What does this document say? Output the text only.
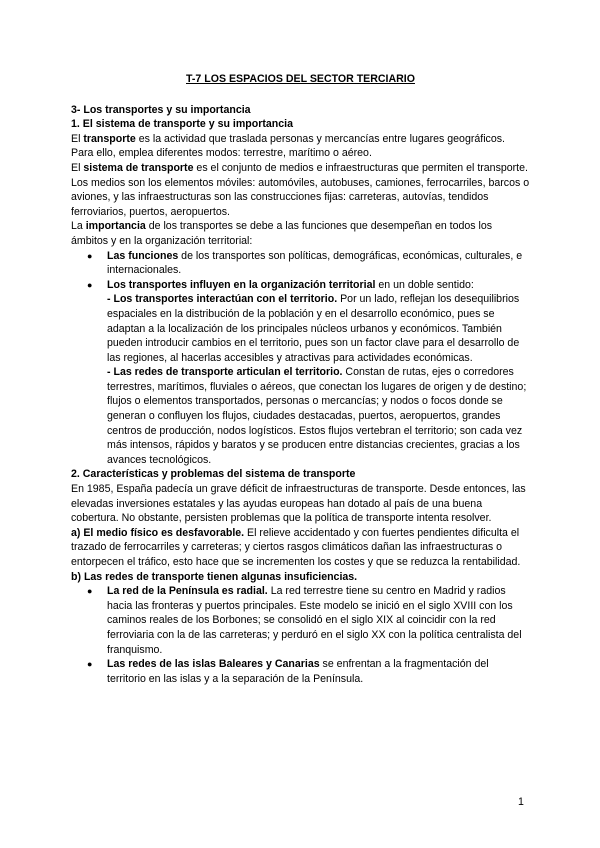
T-7 LOS ESPACIOS DEL SECTOR TERCIARIO

3- Los transportes y su importancia

1. El sistema de transporte y su importancia

El transporte es la actividad que traslada personas y mercancías entre lugares geográficos. Para ello, emplea diferentes modos: terrestre, marítimo o aéreo.

El sistema de transporte es el conjunto de medios e infraestructuras que permiten el transporte. Los medios son los elementos móviles: automóviles, autobuses, camiones, ferrocarriles, barcos o aviones, y las infraestructuras son las construcciones fijas: carreteras, autovías, tendidos ferroviarios, puertos, aeropuertos.

La importancia de los transportes se debe a las funciones que desempeñan en todos los ámbitos y en la organización territorial:

● Las funciones de los transportes son políticas, demográficas, económicas, culturales, e internacionales.
● Los transportes influyen en la organización territorial en un doble sentido:

- Los transportes interactúan con el territorio. Por un lado, reflejan los desequilibrios espaciales en la distribución de la población y en el desarrollo económico, pues se adaptan a la localización de los principales núcleos urbanos y económicos. También pueden introducir cambios en el territorio, pues son un factor clave para el desarrollo de las regiones, al hacerlas accesibles y atractivas para actividades económicas.

- Las redes de transporte articulan el territorio. Constan de rutas, ejes o corredores terrestres, marítimos, fluviales o aéreos, que conectan los lugares de origen y de destino; flujos o elementos transportados, personas o mercancías; y nodos o focos donde se generan o confluyen los flujos, ciudades destacadas, puertos, aeropuertos, grandes centros de producción, nodos logísticos. Estos flujos vertebran el territorio; son cada vez más intensos, rápidos y baratos y se producen entre distancias crecientes, gracias a los avances tecnológicos.

2. Características y problemas del sistema de transporte

En 1985, España padecía un grave déficit de infraestructuras de transporte. Desde entonces, las elevadas inversiones estatales y las ayudas europeas han dotado al país de una buena cobertura. No obstante, persisten problemas que la política de transporte intenta resolver.

a) El medio físico es desfavorable. El relieve accidentado y con fuertes pendientes dificulta el trazado de ferrocarriles y carreteras; y ciertos rasgos climáticos dañan las infraestructuras o entorpecen el tráfico, esto hace que se incrementen los costes y que se reduzca la rentabilidad.

b) Las redes de transporte tienen algunas insuficiencias.

● La red de la Península es radial. La red terrestre tiene su centro en Madrid y radios hacia las fronteras y puertos principales. Este modelo se inició en el siglo XVIII con los caminos reales de los Borbones; se consolidó en el siglo XIX al coincidir con la red ferroviaria con la de las carreteras; y perduró en el siglo XX con la política centralista del franquismo.
● Las redes de las islas Baleares y Canarias se enfrentan a la fragmentación del territorio en las islas y a la separación de la Península.
1
